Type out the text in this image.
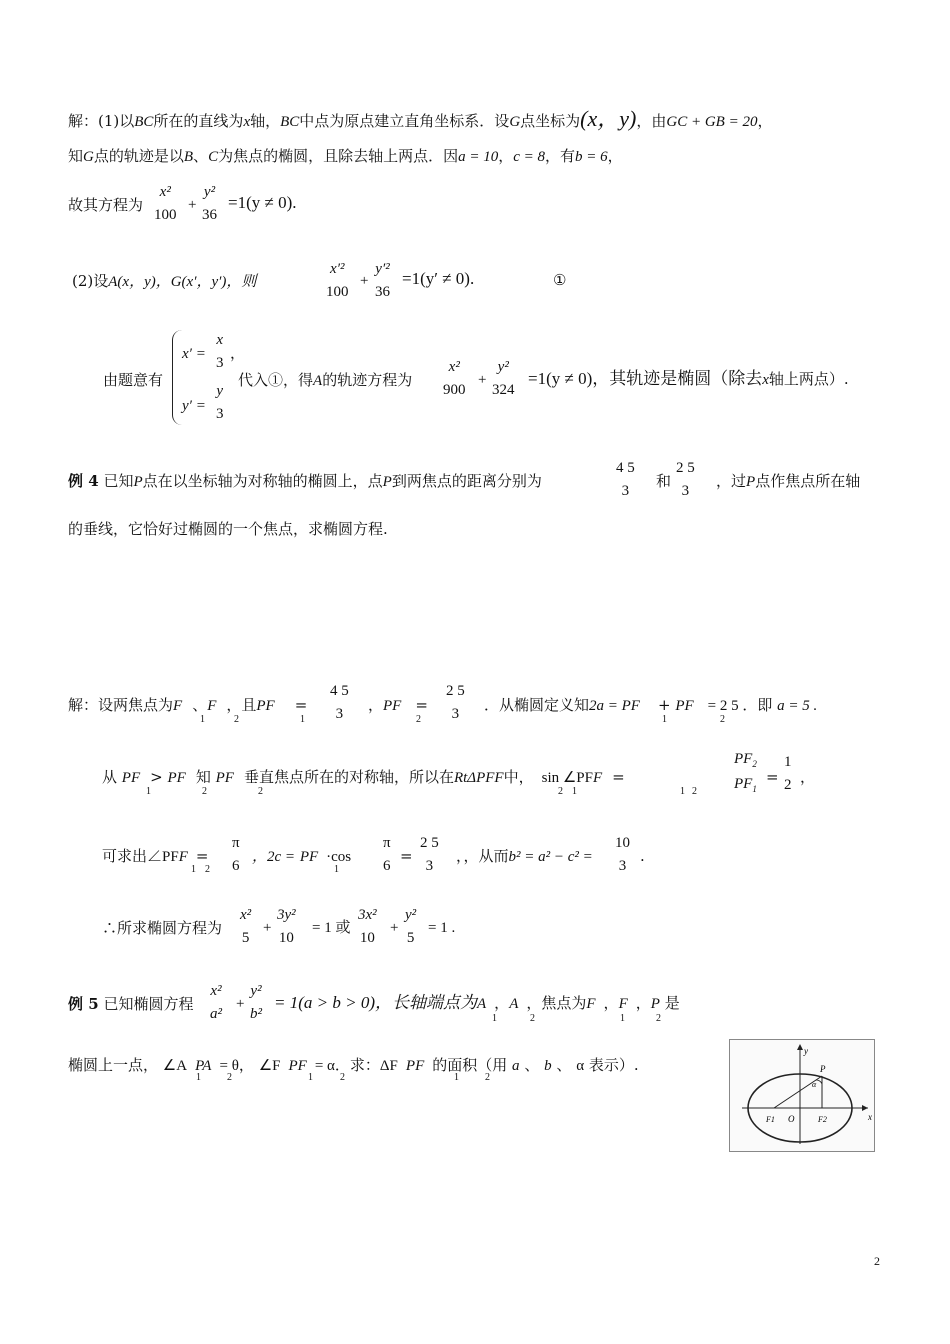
解：(1)以BC所在的直线为x轴，BC中点为原点建立直角坐标系．设G点坐标为(x，y)，由GC + GB = 20，
知G点的轨迹是以B、C为焦点的椭圆，且除去轴上两点．因a = 10，c = 8，有b = 6，
故其方程为
x²
100
+
y²
36
=1(y ≠ 0).
(2)设A(x，y)，G(x′，y′)，则
x′²
100
+
y′²
36
=1(y′ ≠ 0).	①
由题意有
x′ =
x
3
，
y′ =
y
3
代入①，得A的轨迹方程为
x²
900
+
y²
324
=1(y ≠ 0)，其轨迹是椭圆（除去x轴上两点）.
例 4 已知P点在以坐标轴为对称轴的椭圆上，点P到两焦点的距离分别为
4 5
3
和
2 5
3
，过P点作焦点所在轴
的垂线，它恰好过椭圆的一个焦点，求椭圆方程.
解：设两焦点为F 、F ，且PF =
1	2	1
4 5
3	，PF =
2
2 5
3	．从椭圆定义知2a = PF + PF = 2 5 ．即 a = 5 .
1	2
从 PF > PF 知 PF 垂直焦点所在的对称轴，所以在RtΔPFF中， sin ∠PFF =
1	2	2	2 1	1 2
$PF_2$
$PF_1$
=
1
2 ，
可求出∠PFF =
1 2
π
6
，2c = PF ·cos
1
π
6
=
2 5
3
，，从而b² = a² − c² =
10
3
.
∴所求椭圆方程为
x²
5
+
3y²
10
= 1 或
3x²
10
+
y²
5
= 1 .
例 5 已知椭圆方程
x²
a²
+
y²
b²
= 1(a > b > 0)，长轴端点为A ，A ，焦点为F ，F ，P 是
1	2	1	2
椭圆上一点， ∠A PA = θ， ∠F PF = α．求：ΔF PF 的面积（用 a 、 b 、 α 表示）.
1	2	1	2	1	2
y
P
α
F1 O	F2	x
2
